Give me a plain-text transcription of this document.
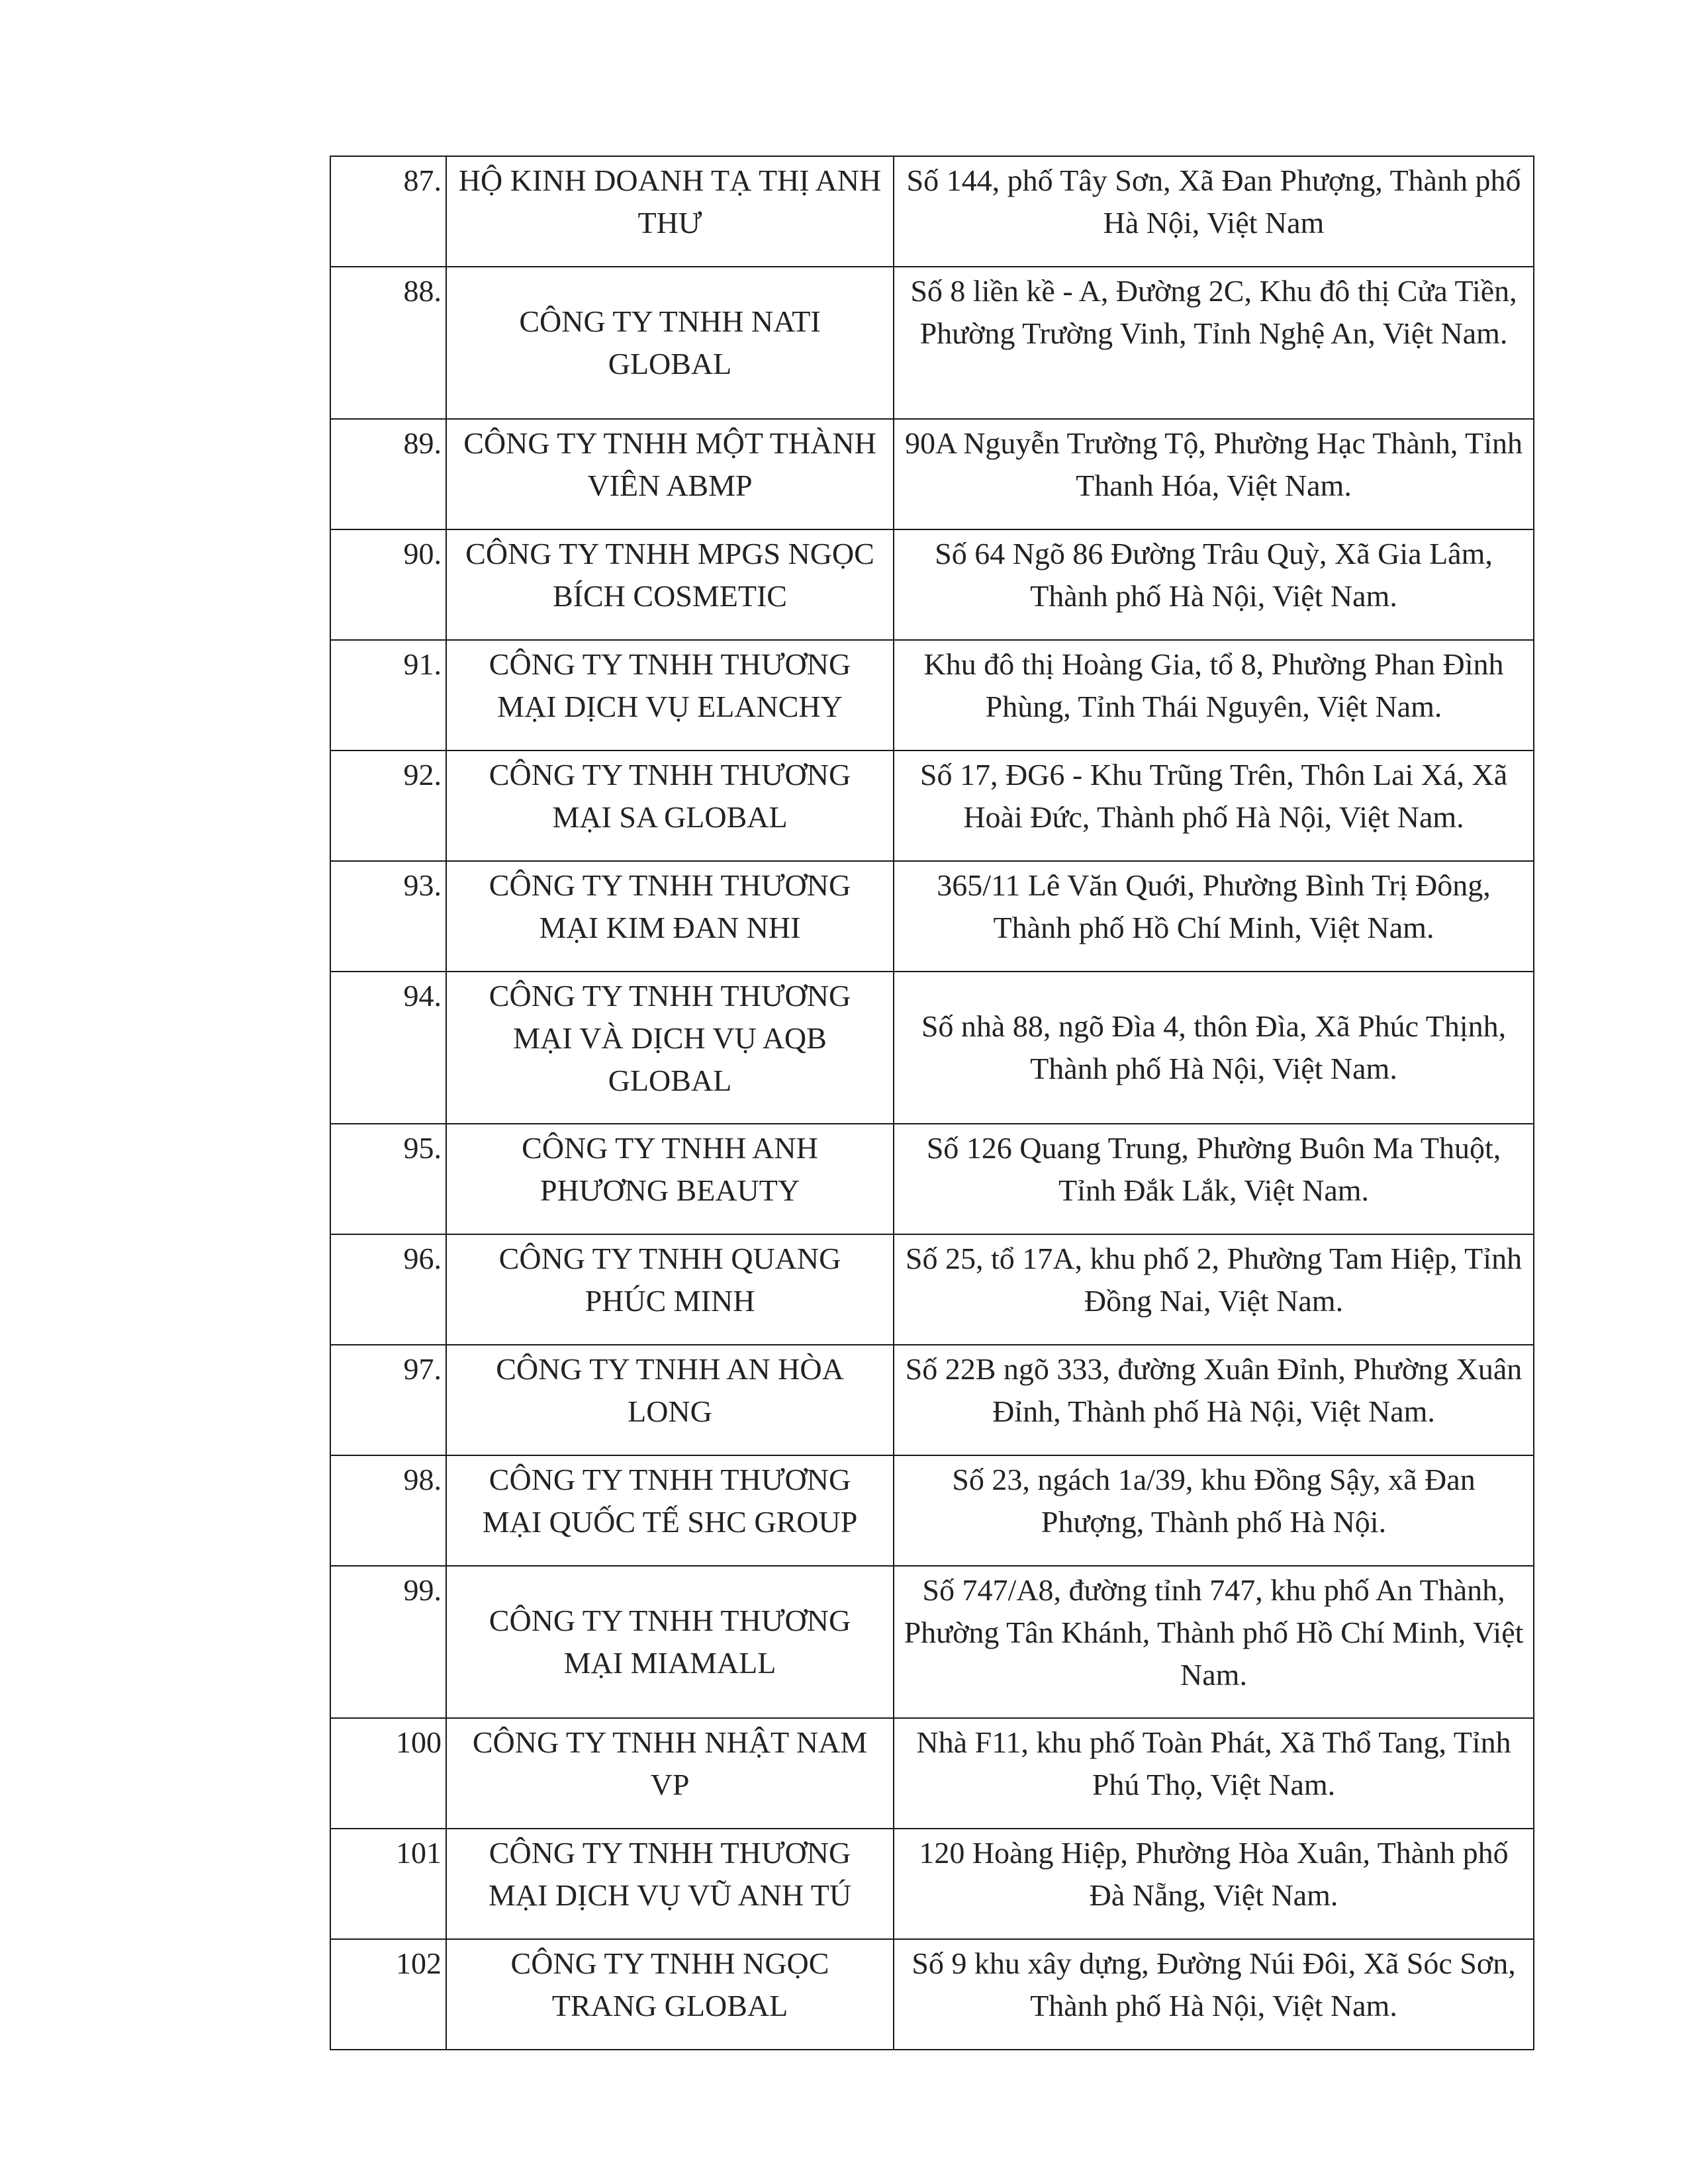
87.	HỘ KINH DOANH TẠ THỊ ANH THƯ	Số 144, phố Tây Sơn, Xã Đan Phượng, Thành phố Hà Nội, Việt Nam
88.	CÔNG TY TNHH NATI GLOBAL	Số 8 liền kề - A, Đường 2C, Khu đô thị Cửa Tiền, Phường Trường Vinh, Tỉnh Nghệ An, Việt Nam.
89.	CÔNG TY TNHH MỘT THÀNH VIÊN ABMP	90A Nguyễn Trường Tộ, Phường Hạc Thành, Tỉnh Thanh Hóa, Việt Nam.
90.	CÔNG TY TNHH MPGS NGỌC BÍCH COSMETIC	Số 64 Ngõ 86 Đường Trâu Quỳ, Xã Gia Lâm, Thành phố Hà Nội, Việt Nam.
91.	CÔNG TY TNHH THƯƠNG MẠI DỊCH VỤ ELANCHY	Khu đô thị Hoàng Gia, tổ 8, Phường Phan Đình Phùng, Tỉnh Thái Nguyên, Việt Nam.
92.	CÔNG TY TNHH THƯƠNG MẠI SA GLOBAL	Số 17, ĐG6 - Khu Trũng Trên, Thôn Lai Xá, Xã Hoài Đức, Thành phố Hà Nội, Việt Nam.
93.	CÔNG TY TNHH THƯƠNG MẠI KIM ĐAN NHI	365/11 Lê Văn Quới, Phường Bình Trị Đông, Thành phố Hồ Chí Minh, Việt Nam.
94.	CÔNG TY TNHH THƯƠNG MẠI VÀ DỊCH VỤ AQB GLOBAL	Số nhà 88, ngõ Đìa 4, thôn Đìa, Xã Phúc Thịnh, Thành phố Hà Nội, Việt Nam.
95.	CÔNG TY TNHH ANH PHƯƠNG BEAUTY	Số 126 Quang Trung, Phường Buôn Ma Thuột, Tỉnh Đắk Lắk, Việt Nam.
96.	CÔNG TY TNHH QUANG PHÚC MINH	Số 25, tổ 17A, khu phố 2, Phường Tam Hiệp, Tỉnh Đồng Nai, Việt Nam.
97.	CÔNG TY TNHH AN HÒA LONG	Số 22B ngõ 333, đường Xuân Đỉnh, Phường Xuân Đỉnh, Thành phố Hà Nội, Việt Nam.
98.	CÔNG TY TNHH THƯƠNG MẠI QUỐC TẾ SHC GROUP	Số 23, ngách 1a/39, khu Đồng Sậy, xã Đan Phượng, Thành phố Hà Nội.
99.	CÔNG TY TNHH THƯƠNG MẠI MIAMALL	Số 747/A8, đường tỉnh 747, khu phố An Thành, Phường Tân Khánh, Thành phố Hồ Chí Minh, Việt Nam.
100	CÔNG TY TNHH NHẬT NAM VP	Nhà F11, khu phố Toàn Phát, Xã Thổ Tang, Tỉnh Phú Thọ, Việt Nam.
101	CÔNG TY TNHH THƯƠNG MẠI DỊCH VỤ VŨ ANH TÚ	120 Hoàng Hiệp, Phường Hòa Xuân, Thành phố Đà Nẵng, Việt Nam.
102	CÔNG TY TNHH NGỌC TRANG GLOBAL	Số 9 khu xây dựng, Đường Núi Đôi, Xã Sóc Sơn, Thành phố Hà Nội, Việt Nam.
